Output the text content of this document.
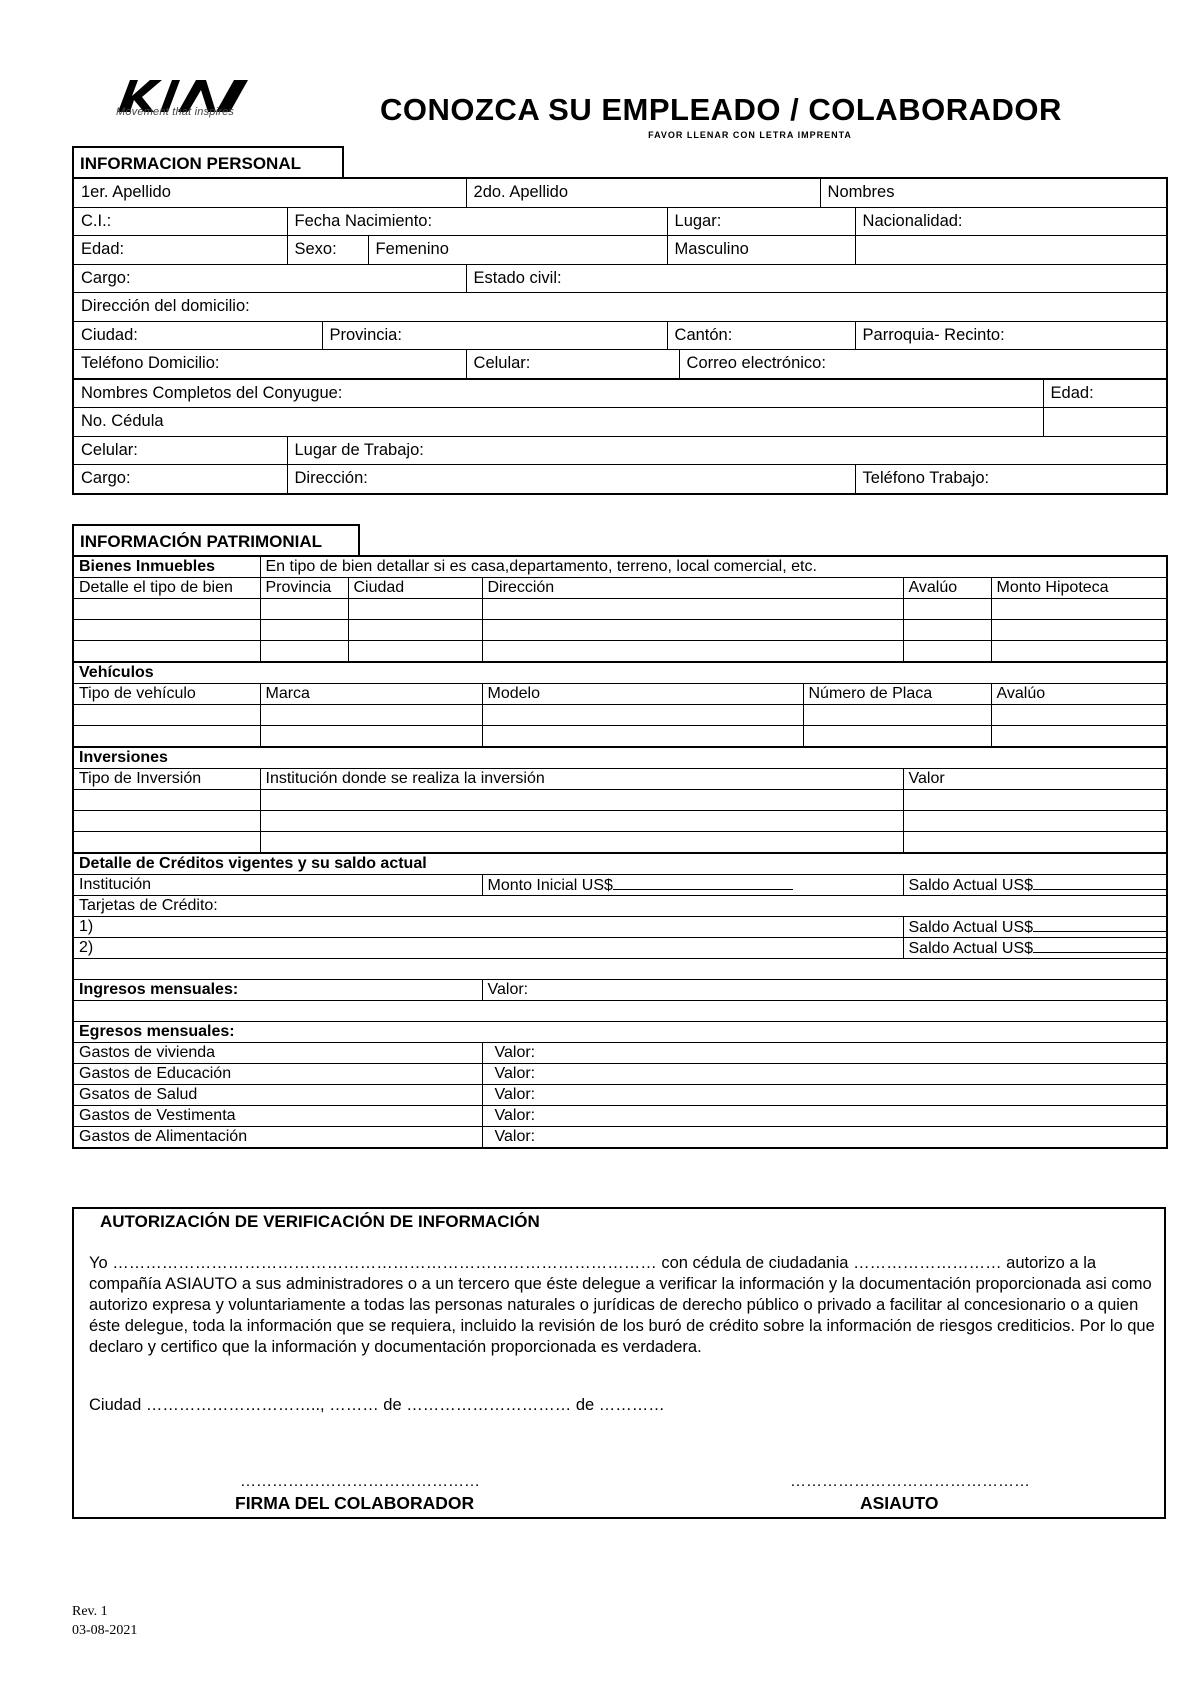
Movement that inspires	CONOZCA SU EMPLEADO / COLABORADOR
FAVOR LLENAR CON LETRA IMPRENTA
INFORMACION PERSONAL
1er. Apellido				2do. Apellido			Nombres		
C.I.:	Fecha Nacimiento:				Lugar:			Nacionalidad:	
Edad:	Sexo:		Femenino		Masculino				
Cargo:				Estado civil:					
Dirección del domicilio:									
Ciudad:		Provincia:			Cantón:			Parroquia- Recinto:	
Teléfono Domicilio:				Celular:		Correo electrónico:			
Nombres Completos del Conyugue:									Edad:
No. Cédula									
Celular:	Lugar de Trabajo:								
Cargo:	Dirección:							Teléfono Trabajo:	
INFORMACIÓN PATRIMONIAL
Bienes Inmuebles	En tipo de bien detallar si es casa,departamento, terreno, local comercial, etc.					
Detalle el tipo de bien	Provincia	Ciudad	Dirección		Avalúo	Monto Hipoteca

Vehículos						
Tipo de vehículo	Marca		Modelo	Número de Placa		Avalúo

Inversiones						
Tipo de Inversión	Institución donde se realiza la inversión				Valor	

Detalle de Créditos vigentes y su saldo actual						
Institución			Monto Inicial US$		Saldo Actual US$	
Tarjetas de Crédito:						
1)					Saldo Actual US$	
2)					Saldo Actual US$	

Ingresos mensuales:			Valor:			

Egresos mensuales:						
Gastos de vivienda			Valor:			
Gastos de Educación			Valor:			
Gsatos de Salud			Valor:			
Gastos de Vestimenta			Valor:			
Gastos de Alimentación			Valor:			
AUTORIZACIÓN DE VERIFICACIÓN DE INFORMACIÓN
Yo ……………………………………………………………………………………… con cédula de ciudadania ……………………… autorizo a la compañía ASIAUTO a sus administradores o a un tercero que éste delegue a verificar la información y la documentación proporcionada asi como autorizo expresa y voluntariamente a todas las personas naturales o jurídicas de derecho público o privado a facilitar al concesionario o a quien éste delegue, toda la información que se requiera, incluido la revisión de los buró de crédito sobre la información de riesgos crediticios. Por lo que declaro y certifico que la información y documentación proporcionada es verdadera.
Ciudad ………………………….., ……… de ………………………… de …………
………………………………………
FIRMA DEL COLABORADOR
………………………………………
ASIAUTO
Rev. 1
03-08-2021
